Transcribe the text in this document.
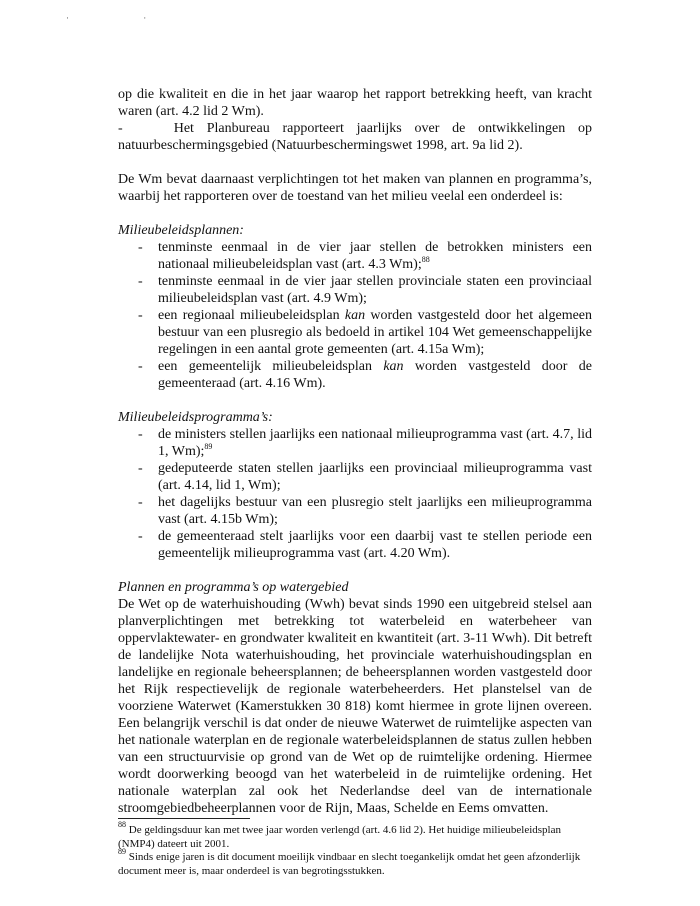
· ·

op die kwaliteit en die in het jaar waarop het rapport betrekking heeft, van kracht waren (art. 4.2 lid 2 Wm).

-    Het Planbureau rapporteert jaarlijks over de ontwikkelingen op natuurbeschermingsgebied (Natuurbeschermingswet 1998, art. 9a lid 2).

De Wm bevat daarnaast verplichtingen tot het maken van plannen en programma’s, waarbij het rapporteren over de toestand van het milieu veelal een onderdeel is:

Milieubeleidsplannen:

- tenminste eenmaal in de vier jaar stellen de betrokken ministers een nationaal milieubeleidsplan vast (art. 4.3 Wm);$^{88}$
- tenminste eenmaal in de vier jaar stellen provinciale staten een provinciaal milieubeleidsplan vast (art. 4.9 Wm);
- een regionaal milieubeleidsplan kan worden vastgesteld door het algemeen bestuur van een plusregio als bedoeld in artikel 104 Wet gemeenschappelijke regelingen in een aantal grote gemeenten (art. 4.15a Wm);
- een gemeentelijk milieubeleidsplan kan worden vastgesteld door de gemeenteraad (art. 4.16 Wm).

Milieubeleidsprogramma’s:

- de ministers stellen jaarlijks een nationaal milieuprogramma vast (art. 4.7, lid 1, Wm);$^{89}$
- gedeputeerde staten stellen jaarlijks een provinciaal milieuprogramma vast (art. 4.14, lid 1, Wm);
- het dagelijks bestuur van een plusregio stelt jaarlijks een milieuprogramma vast (art. 4.15b Wm);
- de gemeenteraad stelt jaarlijks voor een daarbij vast te stellen periode een gemeentelijk milieuprogramma vast (art. 4.20 Wm).

Plannen en programma’s op watergebied

De Wet op de waterhuishouding (Wwh) bevat sinds 1990 een uitgebreid stelsel aan planverplichtingen met betrekking tot waterbeleid en waterbeheer van oppervlaktewater- en grondwater kwaliteit en kwantiteit (art. 3-11 Wwh). Dit betreft de landelijke Nota waterhuishouding, het provinciale waterhuishoudingsplan en landelijke en regionale beheersplannen; de beheersplannen worden vastgesteld door het Rijk respectievelijk de regionale waterbeheerders. Het planstelsel van de voorziene Waterwet (Kamerstukken 30 818) komt hiermee in grote lijnen overeen. Een belangrijk verschil is dat onder de nieuwe Waterwet de ruimtelijke aspecten van het nationale waterplan en de regionale waterbeleidsplannen de status zullen hebben van een structuurvisie op grond van de Wet op de ruimtelijke ordening. Hiermee wordt doorwerking beoogd van het waterbeleid in de ruimtelijke ordening. Het nationale waterplan zal ook het Nederlandse deel van de internationale stroomgebiedbeheerplannen voor de Rijn, Maas, Schelde en Eems omvatten.

$^{88}$ De geldingsduur kan met twee jaar worden verlengd (art. 4.6 lid 2). Het huidige milieubeleidsplan (NMP4) dateert uit 2001.

$^{89}$ Sinds enige jaren is dit document moeilijk vindbaar en slecht toegankelijk omdat het geen afzonderlijk document meer is, maar onderdeel is van begrotingsstukken.
